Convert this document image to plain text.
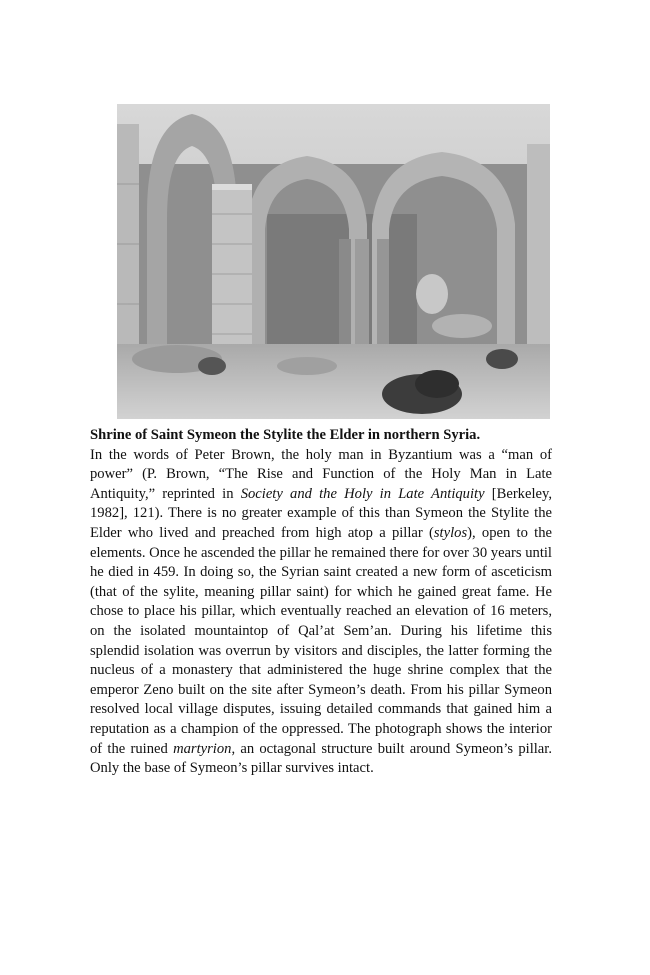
Shrine of Saint Symeon the Stylite the Elder in northern Syria.

In the words of Peter Brown, the holy man in Byzantium was a “man of power” (P. Brown, “The Rise and Function of the Holy Man in Late Antiquity,” reprinted in Society and the Holy in Late Antiquity [Berkeley, 1982], 121). There is no greater example of this than Symeon the Stylite the Elder who lived and preached from high atop a pillar (stylos), open to the elements. Once he ascended the pillar he remained there for over 30 years until he died in 459. In doing so, the Syrian saint created a new form of asceticism (that of the sylite, meaning pillar saint) for which he gained great fame. He chose to place his pillar, which eventually reached an elevation of 16 meters, on the isolated mountaintop of Qal’at Sem’an. During his lifetime this splendid isolation was overrun by visitors and disciples, the latter forming the nucleus of a monastery that administered the huge shrine complex that the emperor Zeno built on the site after Symeon’s death. From his pillar Symeon resolved local village disputes, issuing detailed commands that gained him a reputation as a champion of the oppressed. The photograph shows the interior of the ruined martyrion, an octagonal structure built around Symeon’s pillar. Only the base of Symeon’s pillar survives intact.
